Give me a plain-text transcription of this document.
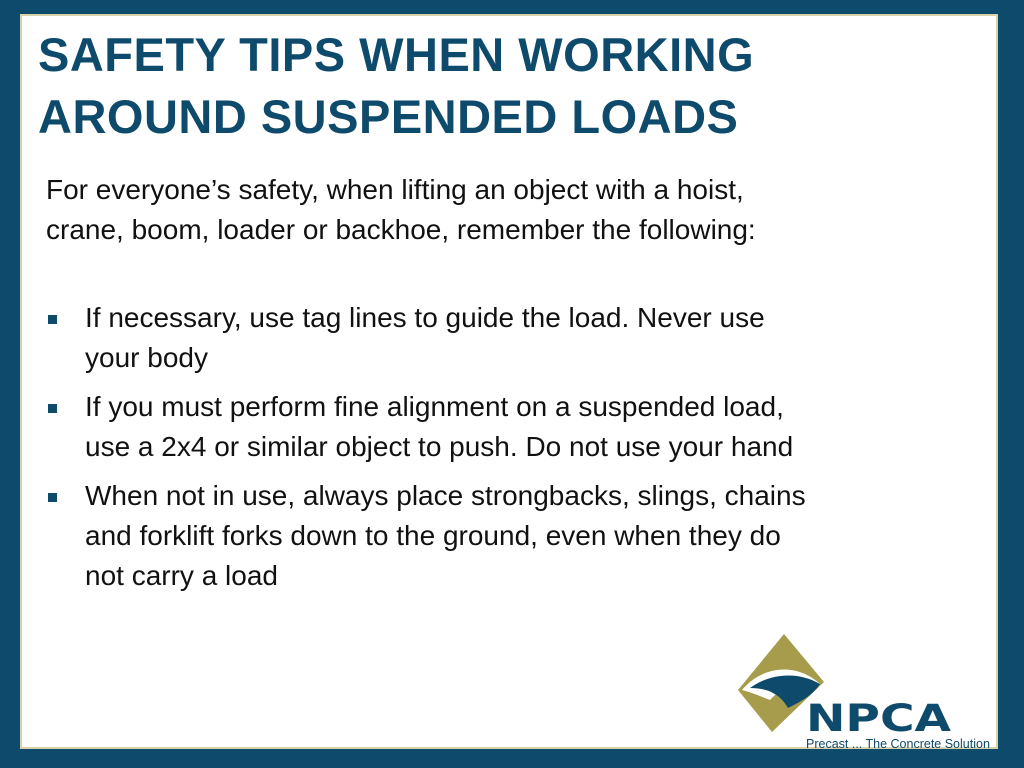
SAFETY TIPS WHEN WORKING
AROUND SUSPENDED LOADS

For everyone’s safety, when lifting an object with a hoist,
crane, boom, loader or backhoe, remember the following:

If necessary, use tag lines to guide the load. Never use
your body
If you must perform fine alignment on a suspended load,
use a 2x4 or similar object to push. Do not use your hand
When not in use, always place strongbacks, slings, chains
and forklift forks down to the ground, even when they do
not carry a load
NPCA
Precast ... The Concrete Solution
